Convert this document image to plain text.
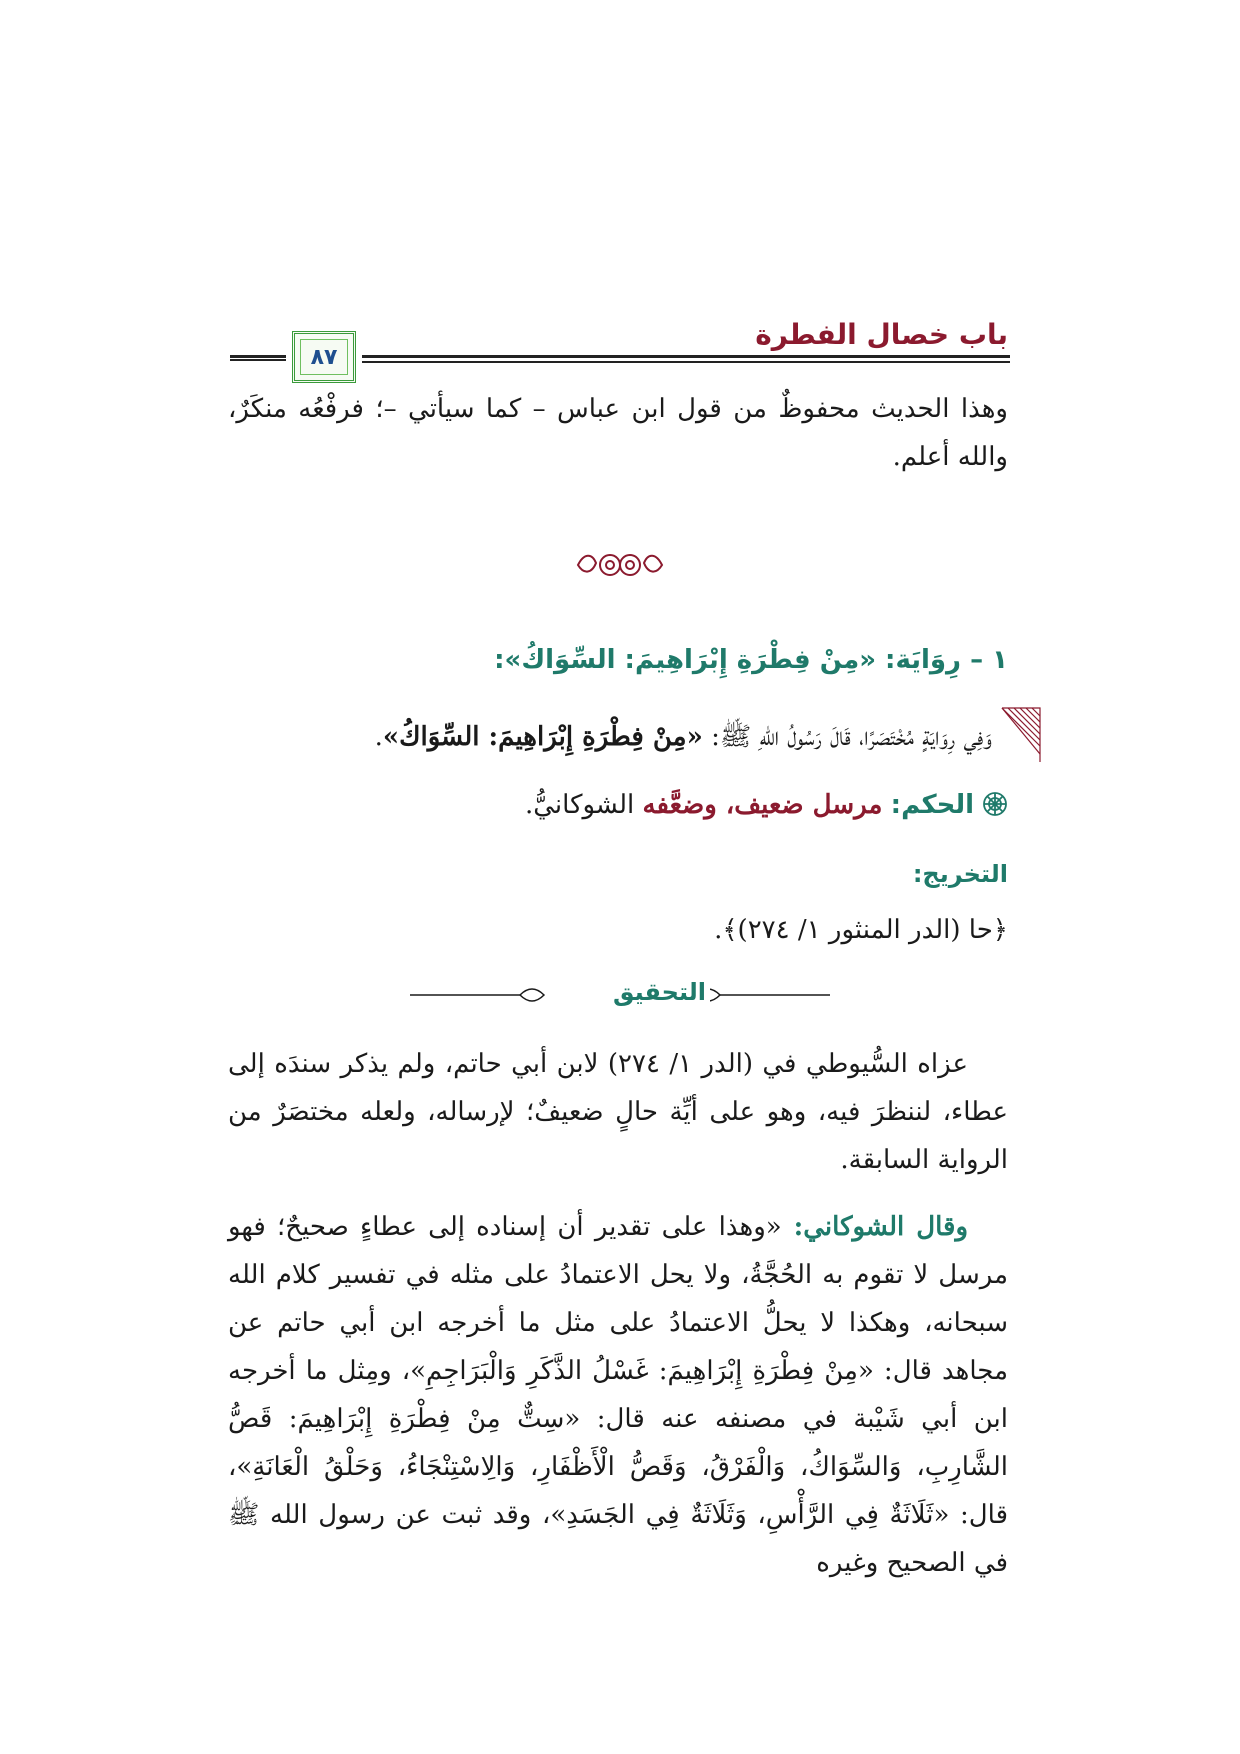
باب خصال الفطرة
٨٧
وهذا الحديث محفوظٌ من قول ابن عباس – كما سيأتي –؛ فرفْعُه منكَرٌ، والله أعلم.
١ – رِوَايَة: «مِنْ فِطْرَةِ إِبْرَاهِيمَ: السِّوَاكُ»:
وَفِي رِوَايَةٍ مُخْتَصَرًا، قَالَ رَسُولُ اللهِ ﷺ: «مِنْ فِطْرَةِ إِبْرَاهِيمَ: السِّوَاكُ».
الحكم: مرسل ضعيف، وضعَّفه الشوكانيُّ.
التخريج:
﴿حا (الدر المنثور ١/ ٢٧٤)﴾.
التحقيق
عزاه السُّيوطي في (الدر ١/ ٢٧٤) لابن أبي حاتم، ولم يذكر سندَه إلى عطاء، لننظرَ فيه، وهو على أيِّة حالٍ ضعيفٌ؛ لإرساله، ولعله مختصَرٌ من الرواية السابقة.
وقال الشوكاني: «وهذا على تقدير أن إسناده إلى عطاءٍ صحيحٌ؛ فهو مرسل لا تقوم به الحُجَّةُ، ولا يحل الاعتمادُ على مثله في تفسير كلام الله سبحانه، وهكذا لا يحلُّ الاعتمادُ على مثل ما أخرجه ابن أبي حاتم عن مجاهد قال: «مِنْ فِطْرَةِ إِبْرَاهِيمَ: غَسْلُ الذَّكَرِ وَالْبَرَاجِمِ»، ومِثل ما أخرجه ابن أبي شَيْبة في مصنفه عنه قال: «سِتٌّ مِنْ فِطْرَةِ إِبْرَاهِيمَ: قَصُّ الشَّارِبِ، وَالسِّوَاكُ، وَالْفَرْقُ، وَقَصُّ الْأَظْفَارِ، وَالِاسْتِنْجَاءُ، وَحَلْقُ الْعَانَةِ»، قال: «ثَلَاثَةٌ فِي الرَّأْسِ، وَثَلَاثَةٌ فِي الجَسَدِ»، وقد ثبت عن رسول الله ﷺ في الصحيح وغيره
